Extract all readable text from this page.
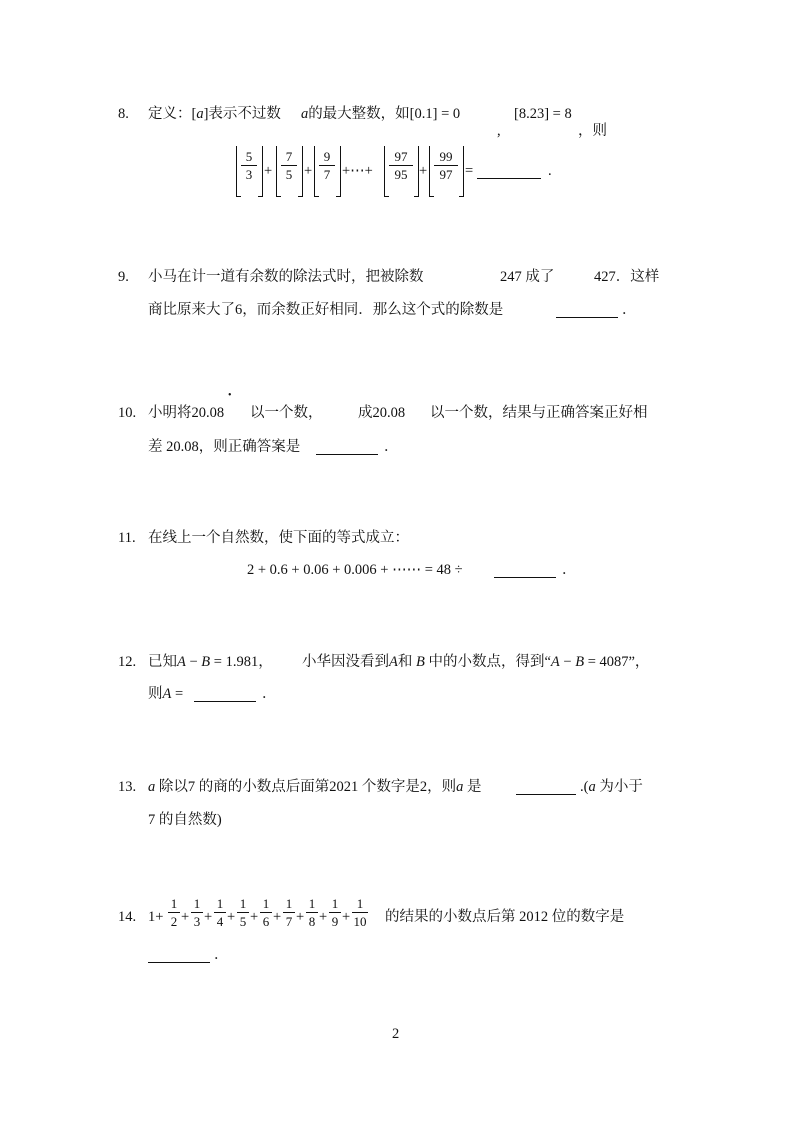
8. 定义：[a]表示不过数 a的最大整数，如[0.1] = 0	[8.23] = 8
,	，则
5
3 +
7
5 +
9
7 +⋯+
97
95 +
99
97 =	.
9. 小马在计一道有余数的除法式时，把被除数	247 成了	427．这样
商比原来大了6，而余数正好相同．那么这个式的除数是	．
•
10. 小明将20.08 以一个数， 成20.08 以一个数，结果与正确答案正好相
差 20.08，则正确答案是	．
11. 在线上一个自然数，使下面的等式成立：
2 + 0.6 + 0.06 + 0.006 + ⋯⋯ = 48 ÷	．
12. 已知A − B = 1.981， 小华因没看到A和 B 中的小数点，得到“A − B = 4087”，
则A =	．
13. a 除以7 的商的小数点后面第2021 个数字是2，则a 是	.(a 为小于
7 的自然数)
14. 1+
1
2 +
1
3 +
1
4 +
1
5 +
1
6 +
1
7 +
1
8 +
1
9 +
1
10 的结果的小数点后第 2012 位的数字是
．
2
